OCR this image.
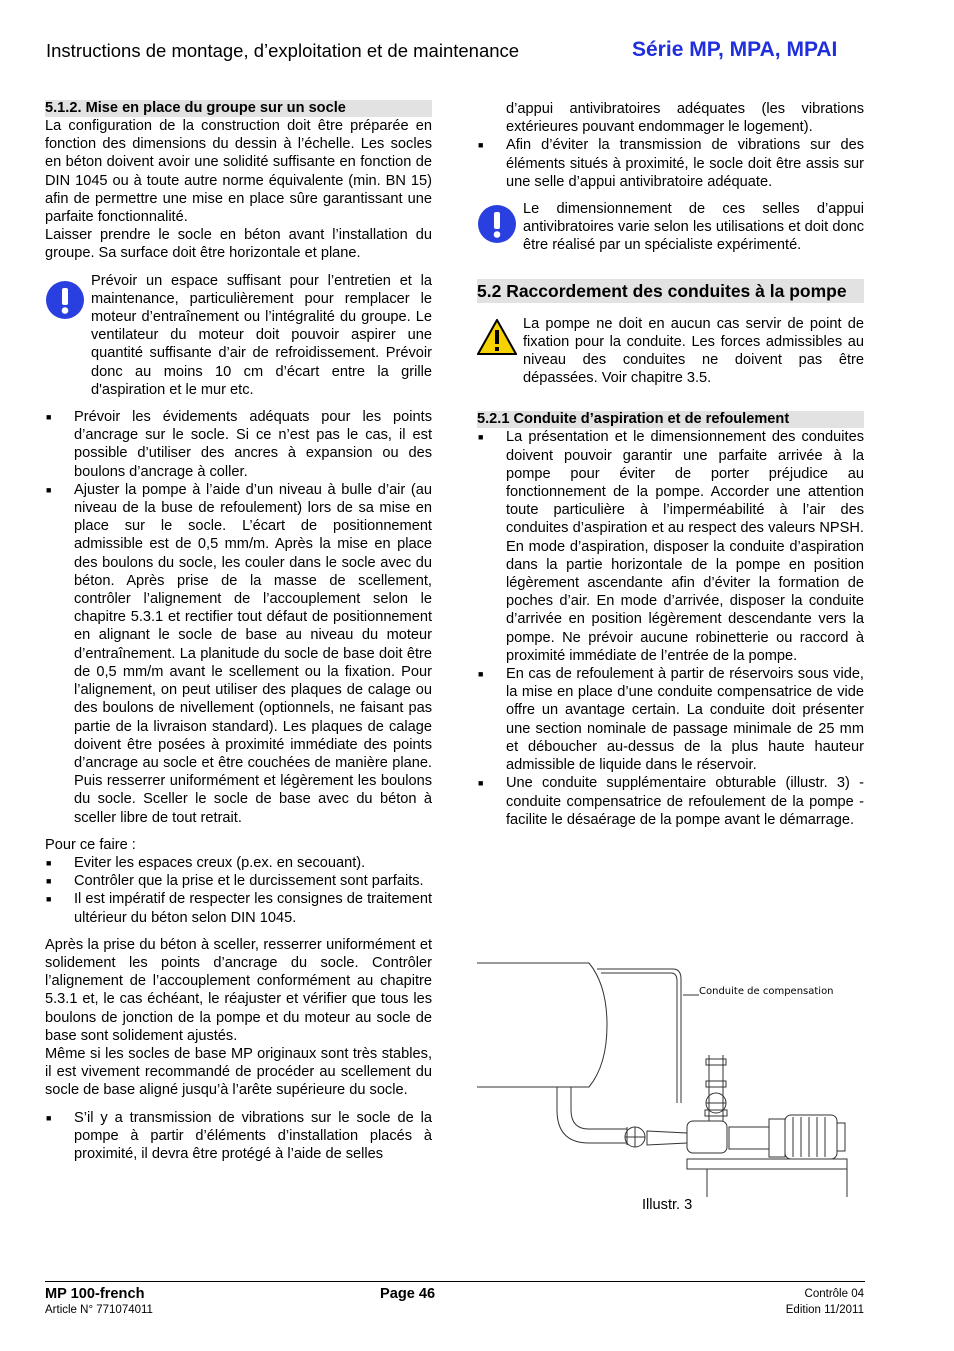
Instructions de montage, d’exploitation et de maintenance	Série MP, MPA, MPAI

5.1.2. Mise en place du groupe sur un socle

La configuration de la construction doit être préparée en fonction des dimensions du dessin à l’échelle. Les socles en béton doivent avoir une solidité suffisante en fonction de DIN 1045 ou à toute autre norme équivalente (min. BN 15) afin de permettre une mise en place sûre garantissant une parfaite fonctionnalité.

Laisser prendre le socle en béton avant l’installation du groupe. Sa surface doit être horizontale et plane.

Prévoir un espace suffisant pour l’entretien et la maintenance, particulièrement pour remplacer le moteur d’entraînement ou l’intégralité du groupe. Le ventilateur du moteur doit pouvoir aspirer une quantité suffisante d’air de refroidissement. Prévoir donc au moins 10 cm d’écart entre la grille d'aspiration et le mur etc.
■ Prévoir les évidements adéquats pour les points d’ancrage sur le socle. Si ce n’est pas le cas, il est possible d’utiliser des ancres à expansion ou des boulons d’ancrage à coller.
■ Ajuster la pompe à l’aide d’un niveau à bulle d’air (au niveau de la buse de refoulement) lors de sa mise en place sur le socle. L’écart de positionnement admissible est de 0,5 mm/m. Après la mise en place des boulons du socle, les couler dans le socle avec du béton. Après prise de la masse de scellement, contrôler l’alignement de l’accouplement selon le chapitre 5.3.1 et rectifier tout défaut de positionnement en alignant le socle de base au niveau du moteur d’entraînement. La planitude du socle de base doit être de 0,5 mm/m avant le scellement ou la fixation. Pour l’alignement, on peut utiliser des plaques de calage ou des boulons de nivellement (optionnels, ne faisant pas partie de la livraison standard). Les plaques de calage doivent être posées à proximité immédiate des points d’ancrage au socle et être couchées de manière plane. Puis resserrer uniformément et légèrement les boulons du socle. Sceller le socle de base avec du béton à sceller libre de tout retrait.

Pour ce faire :

■ Eviter les espaces creux (p.ex. en secouant).
■ Contrôler que la prise et le durcissement sont parfaits.
■ Il est impératif de respecter les consignes de traitement ultérieur du béton selon DIN 1045.

Après la prise du béton à sceller, resserrer uniformément et solidement les points d’ancrage du socle. Contrôler l’alignement de l’accouplement conformément au chapitre 5.3.1 et, le cas échéant, le réajuster et vérifier que tous les boulons de jonction de la pompe et du moteur au socle de base sont solidement ajustés.

Même si les socles de base MP originaux sont très stables, il est vivement recommandé de procéder au scellement du socle de base aligné jusqu’à l’arête supérieure du socle.

■ S’il y a transmission de vibrations sur le socle de la pompe à partir d’éléments d’installation placés à proximité, il devra être protégé à l’aide de selles
d’appui antivibratoires adéquates (les vibrations extérieures pouvant endommager le logement).
■ Afin d’éviter la transmission de vibrations sur des éléments situés à proximité, le socle doit être assis sur une selle d’appui antivibratoire adéquate.
Le dimensionnement de ces selles d’appui antivibratoires varie selon les utilisations et doit donc être réalisé par un spécialiste expérimenté.

5.2 Raccordement des conduites à la pompe

La pompe ne doit en aucun cas servir de point de fixation pour la conduite. Les forces admissibles au niveau des conduites ne doivent pas être dépassées. Voir chapitre 3.5.

5.2.1 Conduite d’aspiration et de refoulement

■ La présentation et le dimensionnement des conduites doivent pouvoir garantir une parfaite arrivée à la pompe pour éviter de porter préjudice au fonctionnement de la pompe. Accorder une attention toute particulière à l’imperméabilité à l’air des conduites d’aspiration et au respect des valeurs NPSH. En mode d’aspiration, disposer la conduite d’aspiration dans la partie horizontale de la pompe en position légèrement ascendante afin d’éviter la formation de poches d’air. En mode d’arrivée, disposer la conduite d’arrivée en position légèrement descendante vers la pompe. Ne prévoir aucune robinetterie ou raccord à proximité immédiate de l’entrée de la pompe.
■ En cas de refoulement à partir de réservoirs sous vide, la mise en place d’une conduite compensatrice de vide offre un avantage certain. La conduite doit présenter une section nominale de passage minimale de 25 mm et déboucher au-dessus de la plus haute hauteur admissible de liquide dans le réservoir.
■ Une conduite supplémentaire obturable (illustr. 3) - conduite compensatrice de refoulement de la pompe - facilite le désaérage de la pompe avant le démarrage.
Conduite de compensation
Illustr. 3
MP 100-french
Article N° 771074011
Page 46	Contrôle 04
Edition 11/2011
